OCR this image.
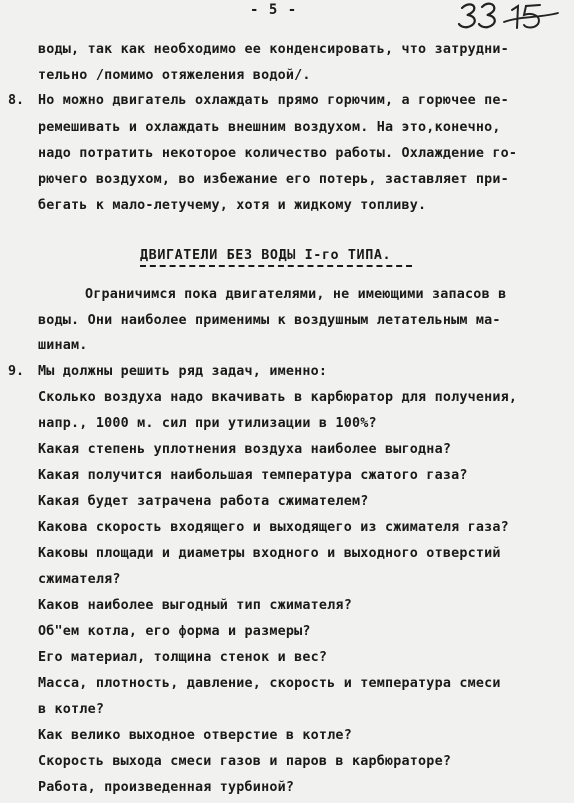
- 5 -
воды, так как необходимо ее конденсировать, что затрудни-
тельно /помимо отяжеления водой/.
8. Но можно двигатель охлаждать прямо горючим, а горючее пе-
ремешивать и охлаждать внешним воздухом. На это,конечно,
надо потратить некоторое количество работы. Охлаждение го-
рючего воздухом, во избежание его потерь, заставляет при-
бегать к мало-летучему, хотя и жидкому топливу.
ДВИГАТЕЛИ БЕЗ ВОДЫ I-го ТИПА.
Ограничимся пока двигателями, не имеющими запасов в
воды. Они наиболее применимы к воздушным летательным ма-
шинам.
9. Мы должны решить ряд задач, именно:
Сколько воздуха надо вкачивать в карбюратор для получения,
напр., 1000 м. сил при утилизации в 100%?
Какая степень уплотнения воздуха наиболее выгодна?
Какая получится наибольшая температура сжатого газа?
Какая будет затрачена работа сжимателем?
Какова скорость входящего и выходящего из сжимателя газа?
Каковы площади и диаметры входного и выходного отверстий
сжимателя?
Каков наиболее выгодный тип сжимателя?
Об"ем котла, его форма и размеры?
Его материал, толщина стенок и вес?
Масса, плотность, давление, скорость и температура смеси
в котле?
Как велико выходное отверстие в котле?
Скорость выхода смеси газов и паров в карбюраторе?
Работа, произведенная турбиной?
